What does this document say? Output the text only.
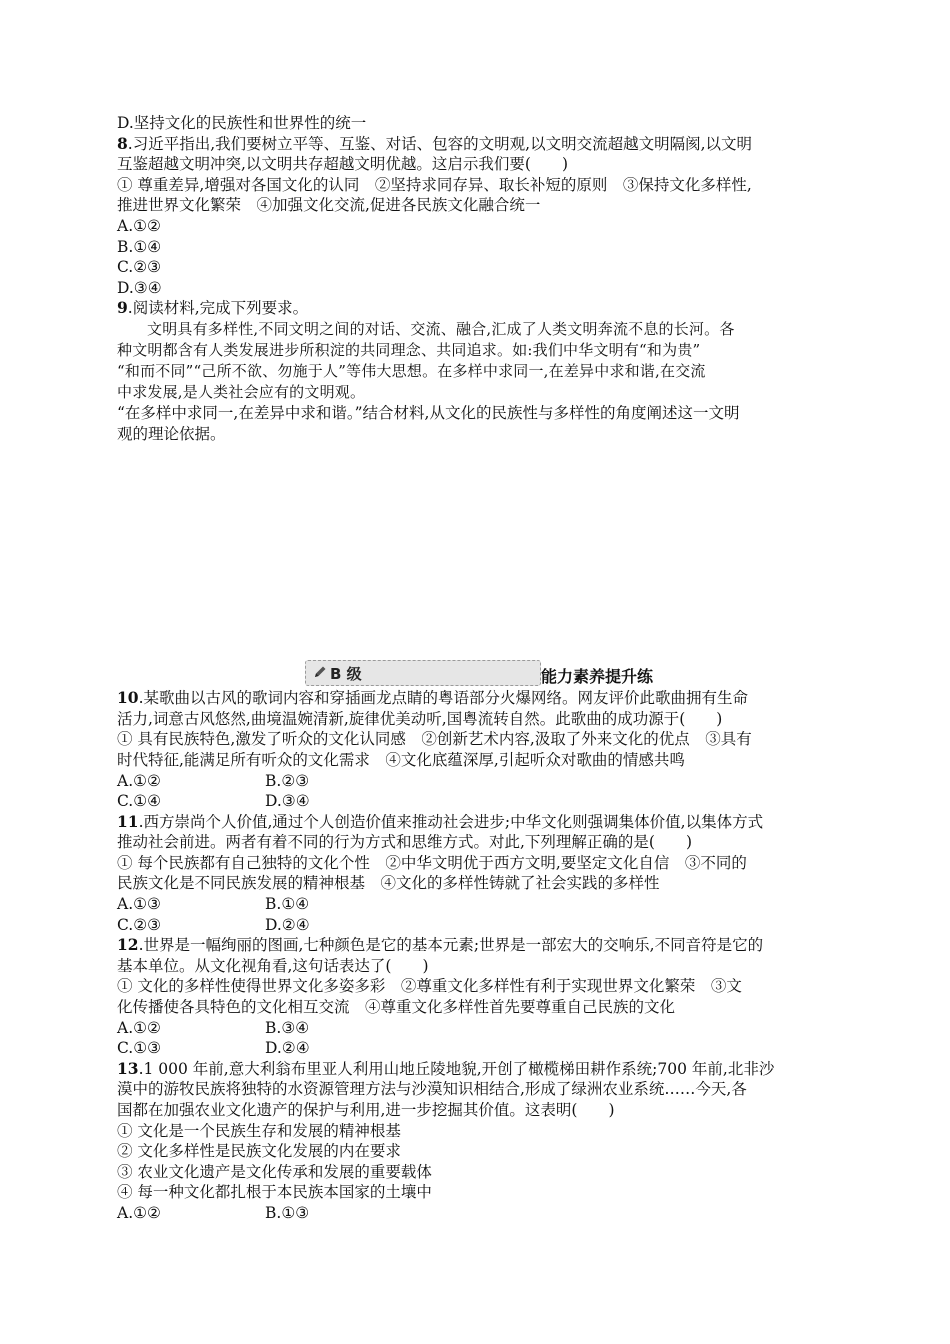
D.坚持文化的民族性和世界性的统一
8.习近平指出,我们要树立平等、互鉴、对话、包容的文明观,以文明交流超越文明隔阂,以文明
互鉴超越文明冲突,以文明共存超越文明优越。这启示我们要(　　)
① 尊重差异,增强对各国文化的认同　②坚持求同存异、取长补短的原则　③保持文化多样性,
推进世界文化繁荣　④加强文化交流,促进各民族文化融合统一
A.①②
B.①④
C.②③
D.③④
9.阅读材料,完成下列要求。
文明具有多样性,不同文明之间的对话、交流、融合,汇成了人类文明奔流不息的长河。各
种文明都含有人类发展进步所积淀的共同理念、共同追求。如:我们中华文明有“和为贵”
“和而不同”“己所不欲、勿施于人”等伟大思想。在多样中求同一,在差异中求和谐,在交流
中求发展,是人类社会应有的文明观。
“在多样中求同一,在差异中求和谐。”结合材料,从文化的民族性与多样性的角度阐述这一文明
观的理论依据。
B 级	能力素养提升练
10.某歌曲以古风的歌词内容和穿插画龙点睛的粤语部分火爆网络。网友评价此歌曲拥有生命
活力,词意古风悠然,曲境温婉清新,旋律优美动听,国粤流转自然。此歌曲的成功源于(　　)
① 具有民族特色,激发了听众的文化认同感　②创新艺术内容,汲取了外来文化的优点　③具有
时代特征,能满足所有听众的文化需求　④文化底蕴深厚,引起听众对歌曲的情感共鸣
A.①②	B.②③
C.①④	D.③④
11.西方崇尚个人价值,通过个人创造价值来推动社会进步;中华文化则强调集体价值,以集体方式
推动社会前进。两者有着不同的行为方式和思维方式。对此,下列理解正确的是(　　)
① 每个民族都有自己独特的文化个性　②中华文明优于西方文明,要坚定文化自信　③不同的
民族文化是不同民族发展的精神根基　④文化的多样性铸就了社会实践的多样性
A.①③	B.①④
C.②③	D.②④
12.世界是一幅绚丽的图画,七种颜色是它的基本元素;世界是一部宏大的交响乐,不同音符是它的
基本单位。从文化视角看,这句话表达了(　　)
① 文化的多样性使得世界文化多姿多彩　②尊重文化多样性有利于实现世界文化繁荣　③文
化传播使各具特色的文化相互交流　④尊重文化多样性首先要尊重自己民族的文化
A.①②	B.③④
C.①③	D.②④
13.1 000 年前,意大利翁布里亚人利用山地丘陵地貌,开创了橄榄梯田耕作系统;700 年前,北非沙
漠中的游牧民族将独特的水资源管理方法与沙漠知识相结合,形成了绿洲农业系统……今天,各
国都在加强农业文化遗产的保护与利用,进一步挖掘其价值。这表明(　　)
① 文化是一个民族生存和发展的精神根基
② 文化多样性是民族文化发展的内在要求
③ 农业文化遗产是文化传承和发展的重要载体
④ 每一种文化都扎根于本民族本国家的土壤中
A.①②	B.①③
